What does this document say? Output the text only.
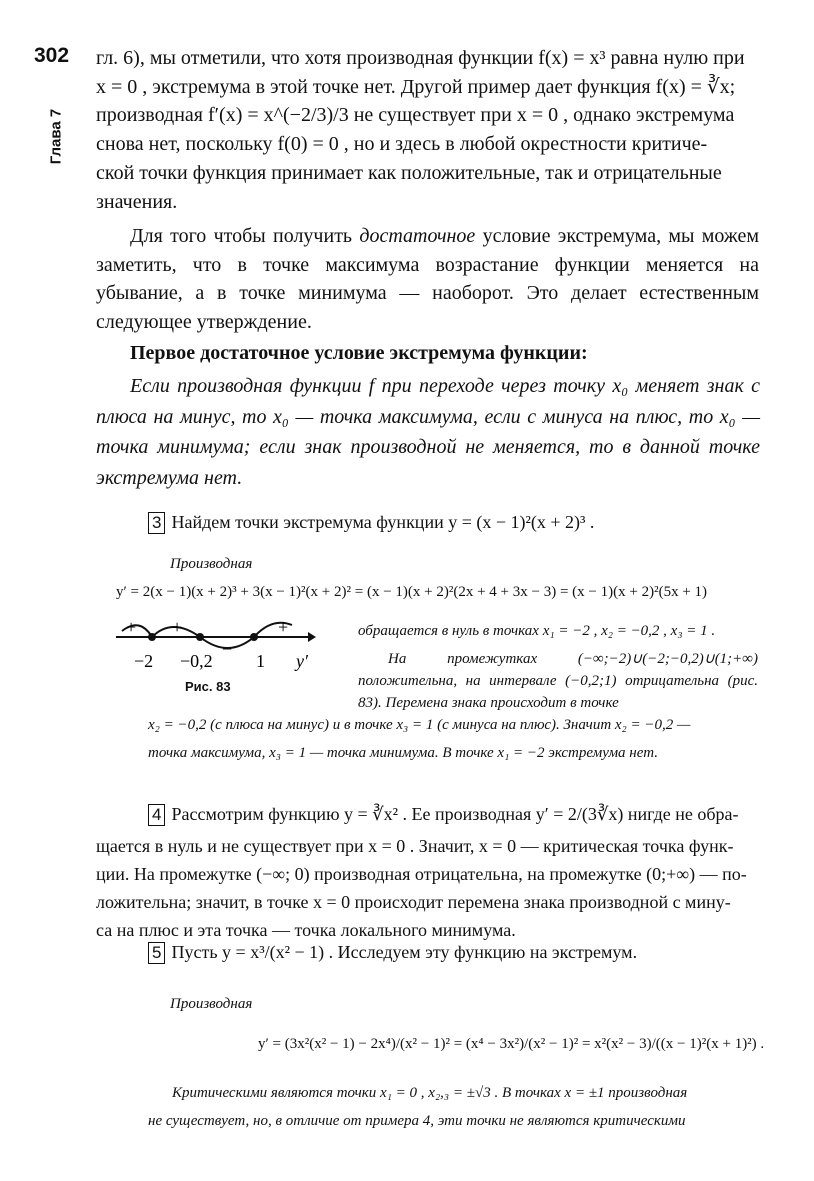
302
Глава 7

гл. 6), мы отметили, что хотя производная функции f(x) = x³ равна нулю при

x = 0 , экстремума в этой точке нет. Другой пример дает функция f(x) = ∛x;

производная f′(x) = x^(−2/3)/3 не существует при x = 0 , однако экстремума

снова нет, поскольку f(0) = 0 , но и здесь в любой окрестности критиче-

ской точки функция принимает как положительные, так и отрицательные

значения.

Для того чтобы получить достаточное условие экстремума, мы можем заметить, что в точке максимума возрастание функции меняется на убывание, а в точке минимума — наоборот. Это делает естественным следующее утверждение.
Первое достаточное условие экстремума функции:
Если производная функции f при переходе через точку x₀ меняет знак с плюса на минус, то x₀ — точка максимума, если с минуса на плюс, то x₀ — точка минимума; если знак производной не меняется, то в данной точке экстремума нет.
3 Найдем точки экстремума функции y = (x − 1)²(x + 2)³ .
Производная
y′ = 2(x − 1)(x + 2)³ + 3(x − 1)²(x + 2)² = (x − 1)(x + 2)²(2x + 4 + 3x − 3) = (x − 1)(x + 2)²(5x + 1)
+ +
−
+
−2 −0,2 1 y′
Рис. 83
обращается в нуль в точках x₁ = −2 , x₂ = −0,2 , x₃ = 1 .
На промежутках (−∞;−2)∪(−2;−0,2)∪(1;+∞) положительна, на интервале (−0,2;1) отрицательна (рис. 83). Перемена знака происходит в точке
x₂ = −0,2 (с плюса на минус) и в точке x₃ = 1 (с минуса на плюс). Значит x₂ = −0,2 —
точка максимума, x₃ = 1 — точка минимума. В точке x₁ = −2 экстремума нет.
4 Рассмотрим функцию y = ∛x² . Ее производная y′ = 2/(3∛x) нигде не обра-
щается в нуль и не существует при x = 0 . Значит, x = 0 — критическая точка функ-
ции. На промежутке (−∞; 0) производная отрицательна, на промежутке (0;+∞) — по-
ложительна; значит, в точке x = 0 происходит перемена знака производной с мину-
са на плюс и эта точка — точка локального минимума.
5 Пусть y = x³/(x² − 1) . Исследуем эту функцию на экстремум.
Производная
y′ = (3x²(x² − 1) − 2x⁴)/(x² − 1)² = (x⁴ − 3x²)/(x² − 1)² = x²(x² − 3)/((x − 1)²(x + 1)²) .
Критическими являются точки x₁ = 0 , x₂,₃ = ±√3 . В точках x = ±1 производная
не существует, но, в отличие от примера 4, эти точки не являются критическими
